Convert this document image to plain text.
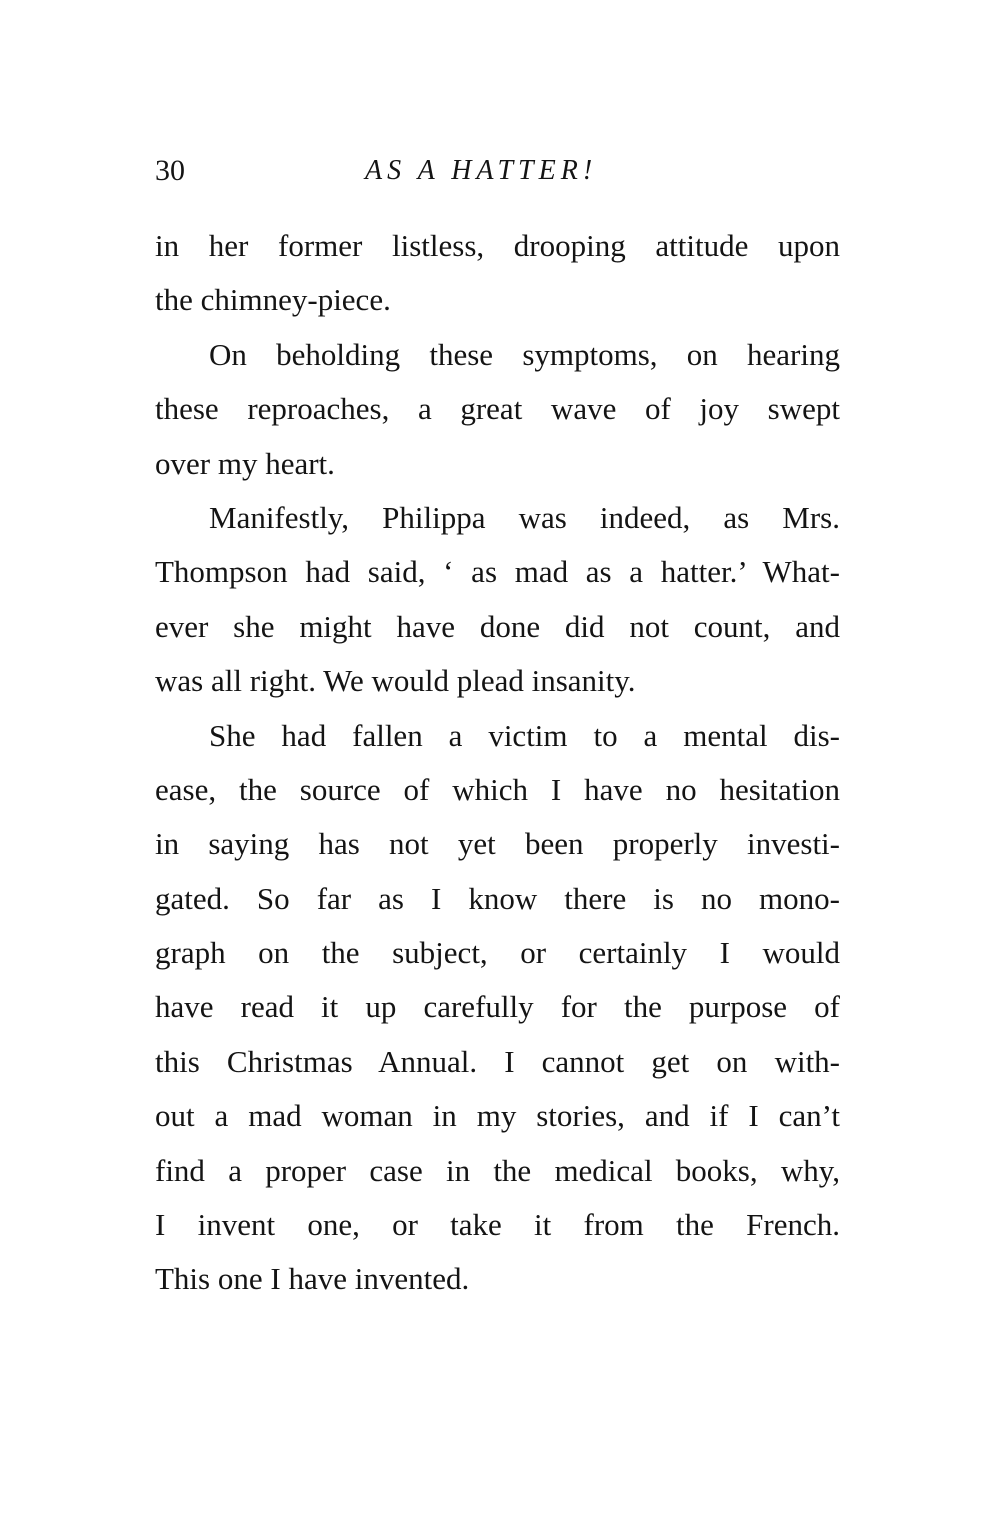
30	AS A HATTER!
in her former listless, drooping attitude upon
the chimney-piece.
On beholding these symptoms, on hearing
these reproaches, a great wave of joy swept
over my heart.
Manifestly, Philippa was indeed, as Mrs.
Thompson had said, ‘ as mad as a hatter.’ What-
ever she might have done did not count, and
was all right. We would plead insanity.
She had fallen a victim to a mental dis-
ease, the source of which I have no hesitation
in saying has not yet been properly investi-
gated. So far as I know there is no mono-
graph on the subject, or certainly I would
have read it up carefully for the purpose of
this Christmas Annual. I cannot get on with-
out a mad woman in my stories, and if I can’t
find a proper case in the medical books, why,
I invent one, or take it from the French.
This one I have invented.
